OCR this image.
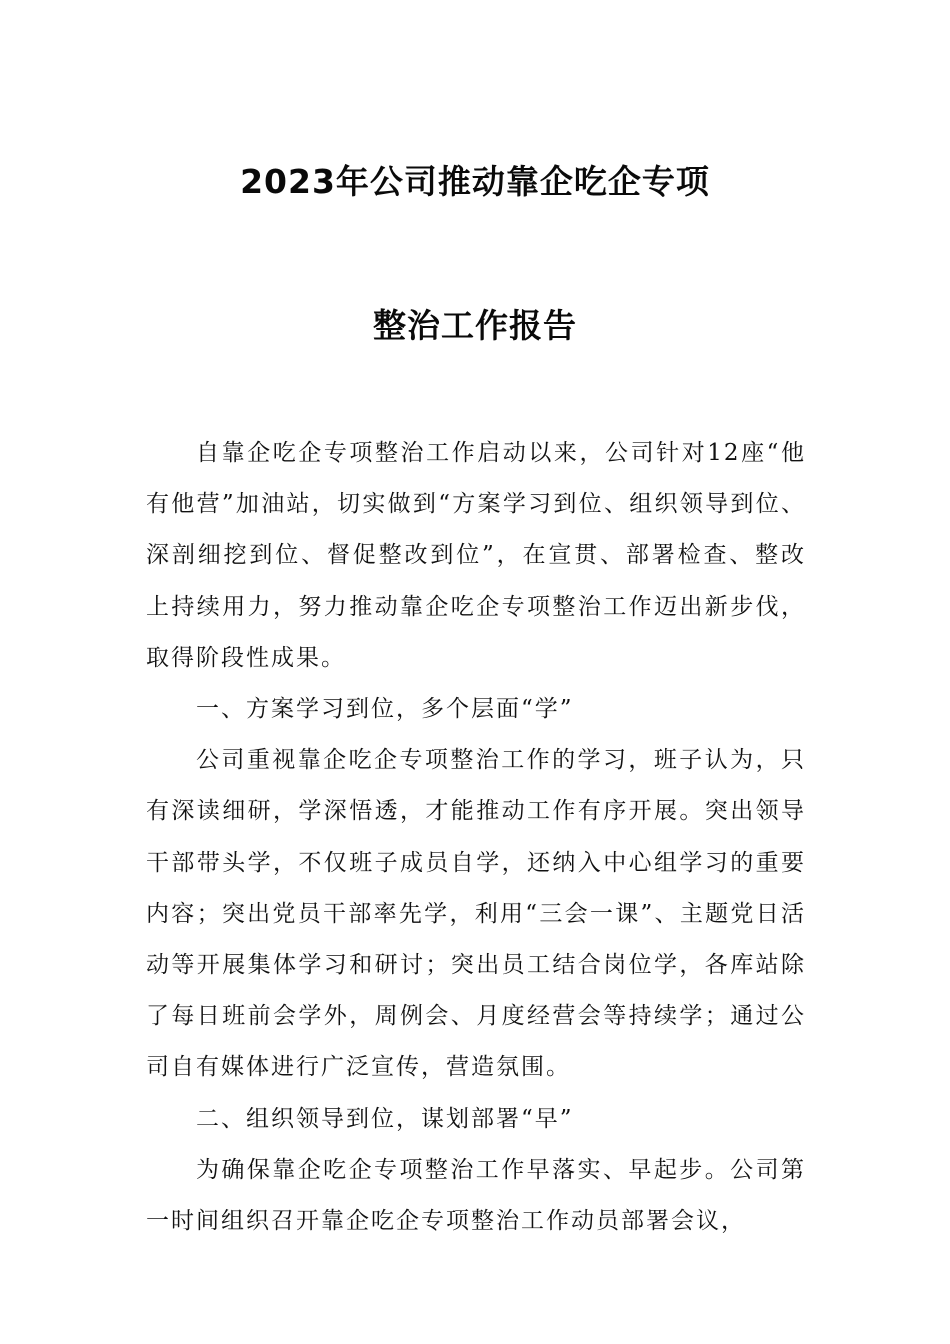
2023年公司推动靠企吃企专项
整治工作报告

自靠企吃企专项整治工作启动以来，公司针对12座“他有他营”加油站，切实做到“方案学习到位、组织领导到位、深剖细挖到位、督促整改到位”，在宣贯、部署检查、整改上持续用力，努力推动靠企吃企专项整治工作迈出新步伐，取得阶段性成果。

一、方案学习到位，多个层面“学”

公司重视靠企吃企专项整治工作的学习，班子认为，只有深读细研，学深悟透，才能推动工作有序开展。突出领导干部带头学，不仅班子成员自学，还纳入中心组学习的重要内容；突出党员干部率先学，利用“三会一课”、主题党日活动等开展集体学习和研讨；突出员工结合岗位学，各库站除了每日班前会学外，周例会、月度经营会等持续学；通过公司自有媒体进行广泛宣传，营造氛围。

二、组织领导到位，谋划部署“早”

为确保靠企吃企专项整治工作早落实、早起步。公司第一时间组织召开靠企吃企专项整治工作动员部署会议，
